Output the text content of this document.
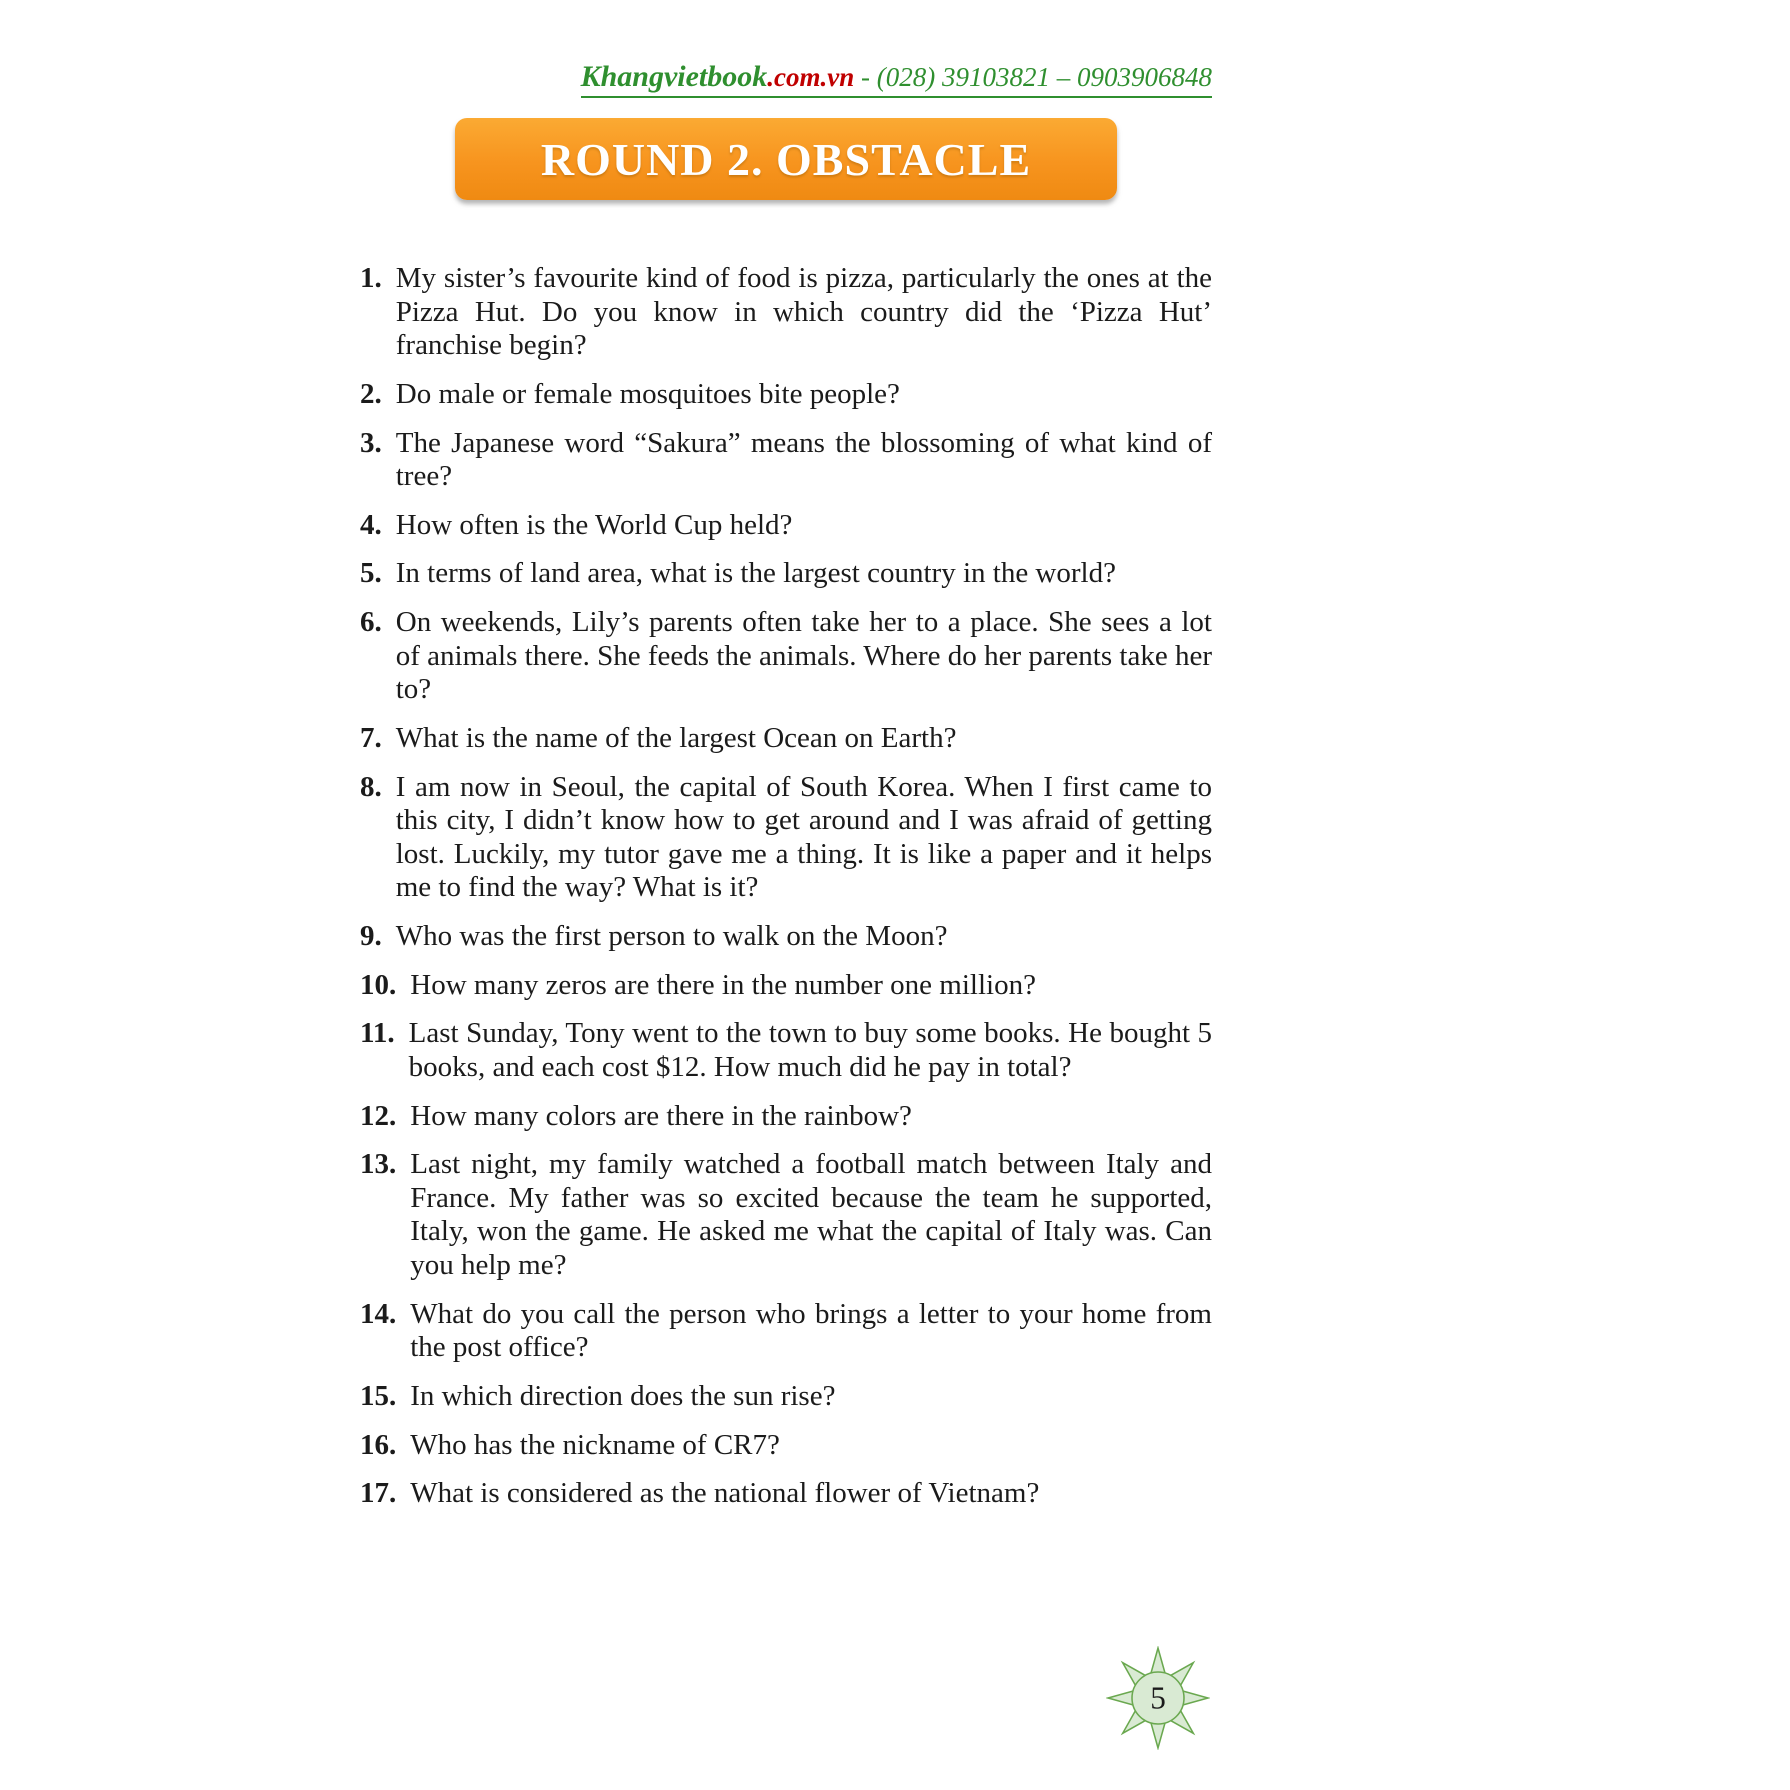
Khangvietbook.com.vn - (028) 39103821 – 0903906848
ROUND 2. OBSTACLE
1. My sister’s favourite kind of food is pizza, particularly the ones at the Pizza Hut. Do you know in which country did the ‘Pizza Hut’ franchise begin?
2. Do male or female mosquitoes bite people?
3. The Japanese word “Sakura” means the blossoming of what kind of tree?
4. How often is the World Cup held?
5. In terms of land area, what is the largest country in the world?
6. On weekends, Lily’s parents often take her to a place. She sees a lot of animals there. She feeds the animals. Where do her parents take her to?
7. What is the name of the largest Ocean on Earth?
8. I am now in Seoul, the capital of South Korea. When I first came to this city, I didn’t know how to get around and I was afraid of getting lost. Luckily, my tutor gave me a thing. It is like a paper and it helps me to find the way? What is it?
9. Who was the first person to walk on the Moon?
10. How many zeros are there in the number one million?
11. Last Sunday, Tony went to the town to buy some books. He bought 5 books, and each cost $12. How much did he pay in total?
12. How many colors are there in the rainbow?
13. Last night, my family watched a football match between Italy and France. My father was so excited because the team he supported, Italy, won the game. He asked me what the capital of Italy was. Can you help me?
14. What do you call the person who brings a letter to your home from the post office?
15. In which direction does the sun rise?
16. Who has the nickname of CR7?
17. What is considered as the national flower of Vietnam?
5
